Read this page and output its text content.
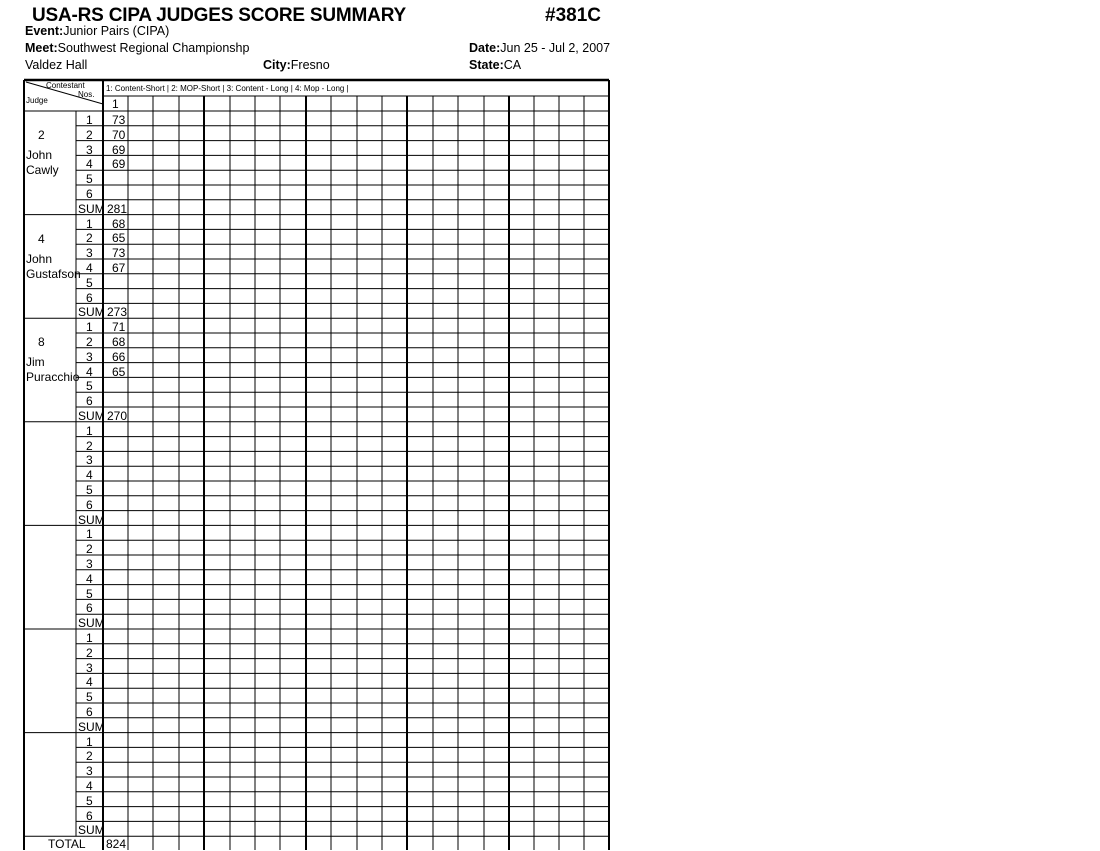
USA-RS CIPA JUDGES SCORE SUMMARY	#381C
Event:Junior Pairs (CIPA)
Meet:Southwest Regional Championshp
Valdez Hall
Date:Jun 25 - Jul 2, 2007
City:Fresno	State:CA
Contestant
Nos.
Judge
1: Content-Short | 2: MOP-Short | 3: Content - Long | 4: Mop - Long |
1
2
John
Cawly
1 73
2 70
3 69
4 69
5
6
SUM 281
4
John
Gustafson
1 68
2 65
3 73
4 67
5
6
SUM 273
8
Jim
Puracchio
1 71
2 68
3 66
4 65
5
6
SUM 270
1
2
3
4
5
6
SUM
1
2
3
4
5
6
SUM
1
2
3
4
5
6
SUM
1
2
3
4
5
6
SUM
TOTAL 824
